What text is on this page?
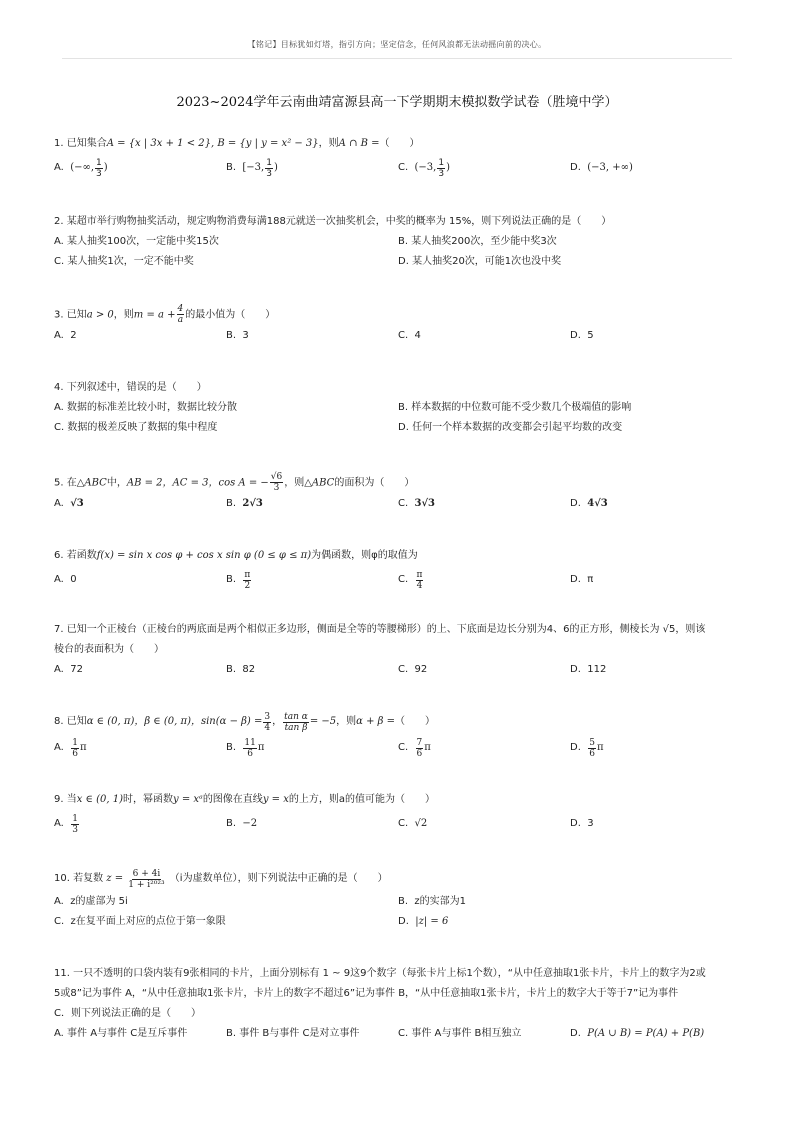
【铭记】目标犹如灯塔，指引方向；坚定信念，任何风浪都无法动摇向前的决心。
2023~2024学年云南曲靖富源县高一下学期期末模拟数学试卷（胜境中学）
1. 已知集合A = {x | 3x + 1 < 2}, B = {y | y = x² − 3}，则A ∩ B =（　　）
A.
(−∞, 1
3
)	B.
[−3, 1
3
)	C.
(−3, 1
3
)	D.
(−3, +∞)
2. 某超市举行购物抽奖活动，规定购物消费每满188元就送一次抽奖机会，中奖的概率为 15%，则下列说法正确的是（　　）
A.
某人抽奖100次，一定能中奖15次	B.
某人抽奖200次，至少能中奖3次
C.
某人抽奖1次，一定不能中奖	D.
某人抽奖20次，可能1次也没中奖
3. 已知a > 0，则$m = a + \frac{4}{a}$ 的最小值为（　　）
A.
2	B.
3	C.
4	D.
5
4. 下列叙述中，错误的是（　　）
A.
数据的标准差比较小时，数据比较分散	B.
样本数据的中位数可能不受少数几个极端值的影响
C.
数据的极差反映了数据的集中程度	D.
任何一个样本数据的改变都会引起平均数的改变
5. 在△ABC中，AB = 2，AC = 3，cos A = − $\frac{√6}{3}$ ，则△ABC的面积为（　　）
A.
√3	B.
2√3	C.
3√3	D.
4√3
6. 若函数f(x) = sin x cos φ + cos x sin φ (0 ≤ φ ≤ π)为偶函数，则φ的取值为
A.
0	B.
π
2
C.
π
4
D.
π
7. 已知一个正棱台（正棱台的两底面是两个相似正多边形，侧面是全等的等腰梯形）的上、下底面是边长分别为4、6的正方形，侧棱长为 √5，则该
棱台的表面积为（　　）
A.
72	B.
82	C.
92	D.
112
8. 已知 α ∈ (0, π)，β ∈ (0, π)，$\sin(\alpha - \beta) = \frac{3}{4}$ ， $\frac{\text{tan α}}{\text{tan β}} = -5$ ，则 α + β = （　　）
A.
1
6
π	B.
11
6
π	C.
7
6
π	D.
5
6
π
9. 当x ∈ (0, 1)时，幂函数y = xᵃ的图像在直线y = x的上方，则a的值可能为（　　）
A.
1
3
B.
−2	C.
√2	D.
3
10. 若复数
z =
$\frac{6 + 4i}{\text{1 + i²⁰²³}}$
（i为虚数单位），则下列说法中正确的是（　　）
A.
z的虚部为 5i	B.
z的实部为1
C.
z在复平面上对应的点位于第一象限	D.
|z| = 6
11. 一只不透明的口袋内装有9张相同的卡片，上面分别标有 1 ~ 9这9个数字（每张卡片上标1个数），“从中任意抽取1张卡片，卡片上的数字为2或
5或8”记为事件 A，“从中任意抽取1张卡片，卡片上的数字不超过6”记为事件 B，“从中任意抽取1张卡片，卡片上的数字大于等于7”记为事件
C．则下列说法正确的是（　　）
A.
事件 A与事件 C是互斥事件	B.
事件 B与事件 C是对立事件	C.
事件 A与事件 B相互独立	D.
P(A ∪ B) = P(A) + P(B)
